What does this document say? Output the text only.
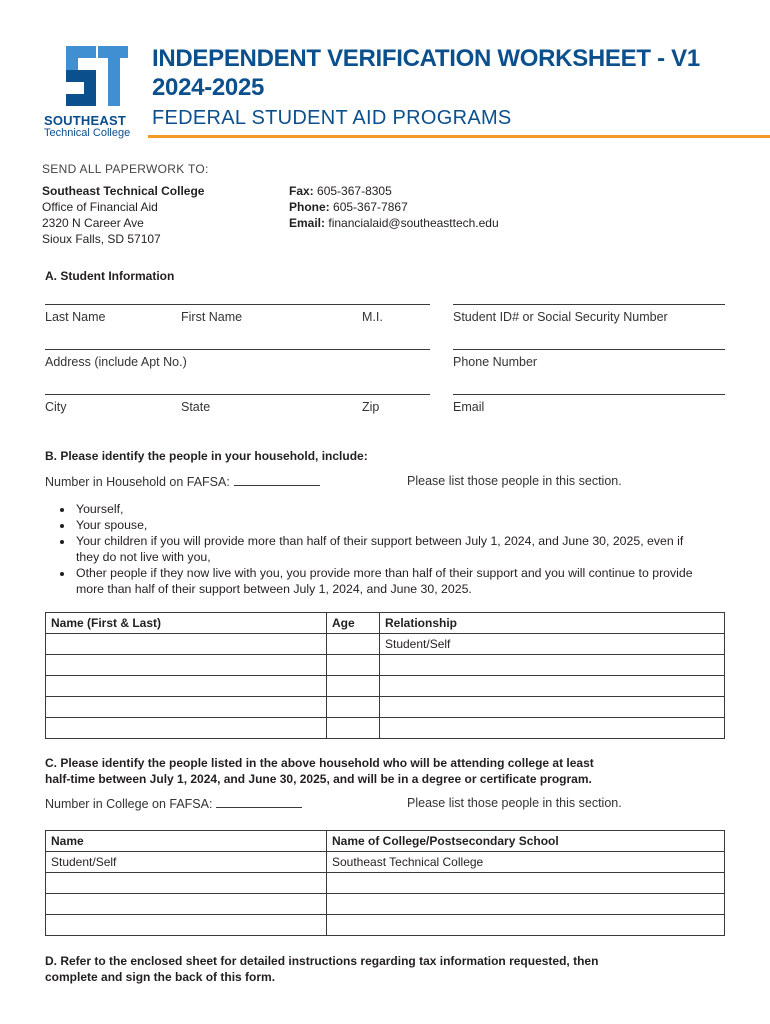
SOUTHEAST
Technical College
INDEPENDENT VERIFICATION WORKSHEET - V1
2024-2025
FEDERAL STUDENT AID PROGRAMS
SEND ALL PAPERWORK TO:
Southeast Technical College
Office of Financial Aid
2320 N Career Ave
Sioux Falls, SD 57107
Fax: 605-367-8305
Phone: 605-367-7867
Email: financialaid@southeasttech.edu
A. Student Information
Last Name	First Name	M.I.	Student ID# or Social Security Number
Address (include Apt No.)	Phone Number
City	State	Zip	Email
B. Please identify the people in your household, include:
Number in Household on FAFSA:	Please list those people in this section.
• Yourself,
• Your spouse,
• Your children if you will provide more than half of their support between July 1, 2024, and June 30, 2025, even if they do not live with you,
• Other people if they now live with you, you provide more than half of their support and you will continue to provide more than half of their support between July 1, 2024, and June 30, 2025.
Name (First & Last)	Age	Relationship
		Student/Self

C. Please identify the people listed in the above household who will be attending college at least
half-time between July 1, 2024, and June 30, 2025, and will be in a degree or certificate program.
Number in College on FAFSA:	Please list those people in this section.
Name	Name of College/Postsecondary School
Student/Self	Southeast Technical College

D. Refer to the enclosed sheet for detailed instructions regarding tax information requested, then
complete and sign the back of this form.
